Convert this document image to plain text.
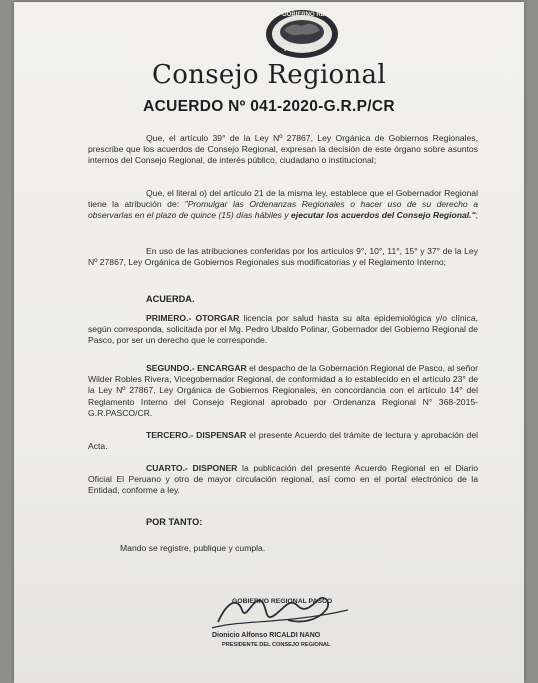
GOBIERNO REGIONAL
PASCO
Consejo Regional
ACUERDO Nº 041-2020-G.R.P/CR
Que, el artículo 39° de la Ley Nº 27867, Ley Orgánica de Gobiernos Regionales, prescribe que los acuerdos de Consejo Regional, expresan la decisión de este órgano sobre asuntos internos del Consejo Regional, de interés público, ciudadano o institucional;
Que, el literal o) del artículo 21 de la misma ley, establece que el Gobernador Regional tiene la atribución de: "Promulgar las Ordenanzas Regionales o hacer uso de su derecho a observarlas en el plazo de quince (15) días hábiles y ejecutar los acuerdos del Consejo Regional.";
En uso de las atribuciones conferidas por los artículos 9°, 10°, 11°, 15° y 37° de la Ley Nº 27867, Ley Orgánica de Gobiernos Regionales sus modificatorias y el Reglamento Interno;
ACUERDA.
PRIMERO.- OTORGAR licencia por salud hasta su alta epidemiológica y/o clínica, según corresponda, solicitada por el Mg. Pedro Ubaldo Polinar, Gobernador del Gobierno Regional de Pasco, por ser un derecho que le corresponde.
SEGUNDO.- ENCARGAR el despacho de la Gobernación Regional de Pasco, al señor Wilder Robles Rivera, Vicegobernador Regional, de conformidad a lo establecido en el artículo 23° de la Ley Nº 27867, Ley Orgánica de Gobiernos Regionales, en concordancia con el artículo 14° del Reglamento Interno del Consejo Regional aprobado por Ordenanza Regional N° 368-2015-G.R.PASCO/CR.
TERCERO.- DISPENSAR el presente Acuerdo del trámite de lectura y aprobación del Acta.
CUARTO.- DISPONER la publicación del presente Acuerdo Regional en el Diario Oficial El Peruano y otro de mayor circulación regional, así como en el portal electrónico de la Entidad, conforme a ley.
POR TANTO:
Mando se registre, publique y cumpla.
GOBIERNO REGIONAL PASCO
Dionicio Alfonso RICALDI NANO
PRESIDENTE DEL CONSEJO REGIONAL
